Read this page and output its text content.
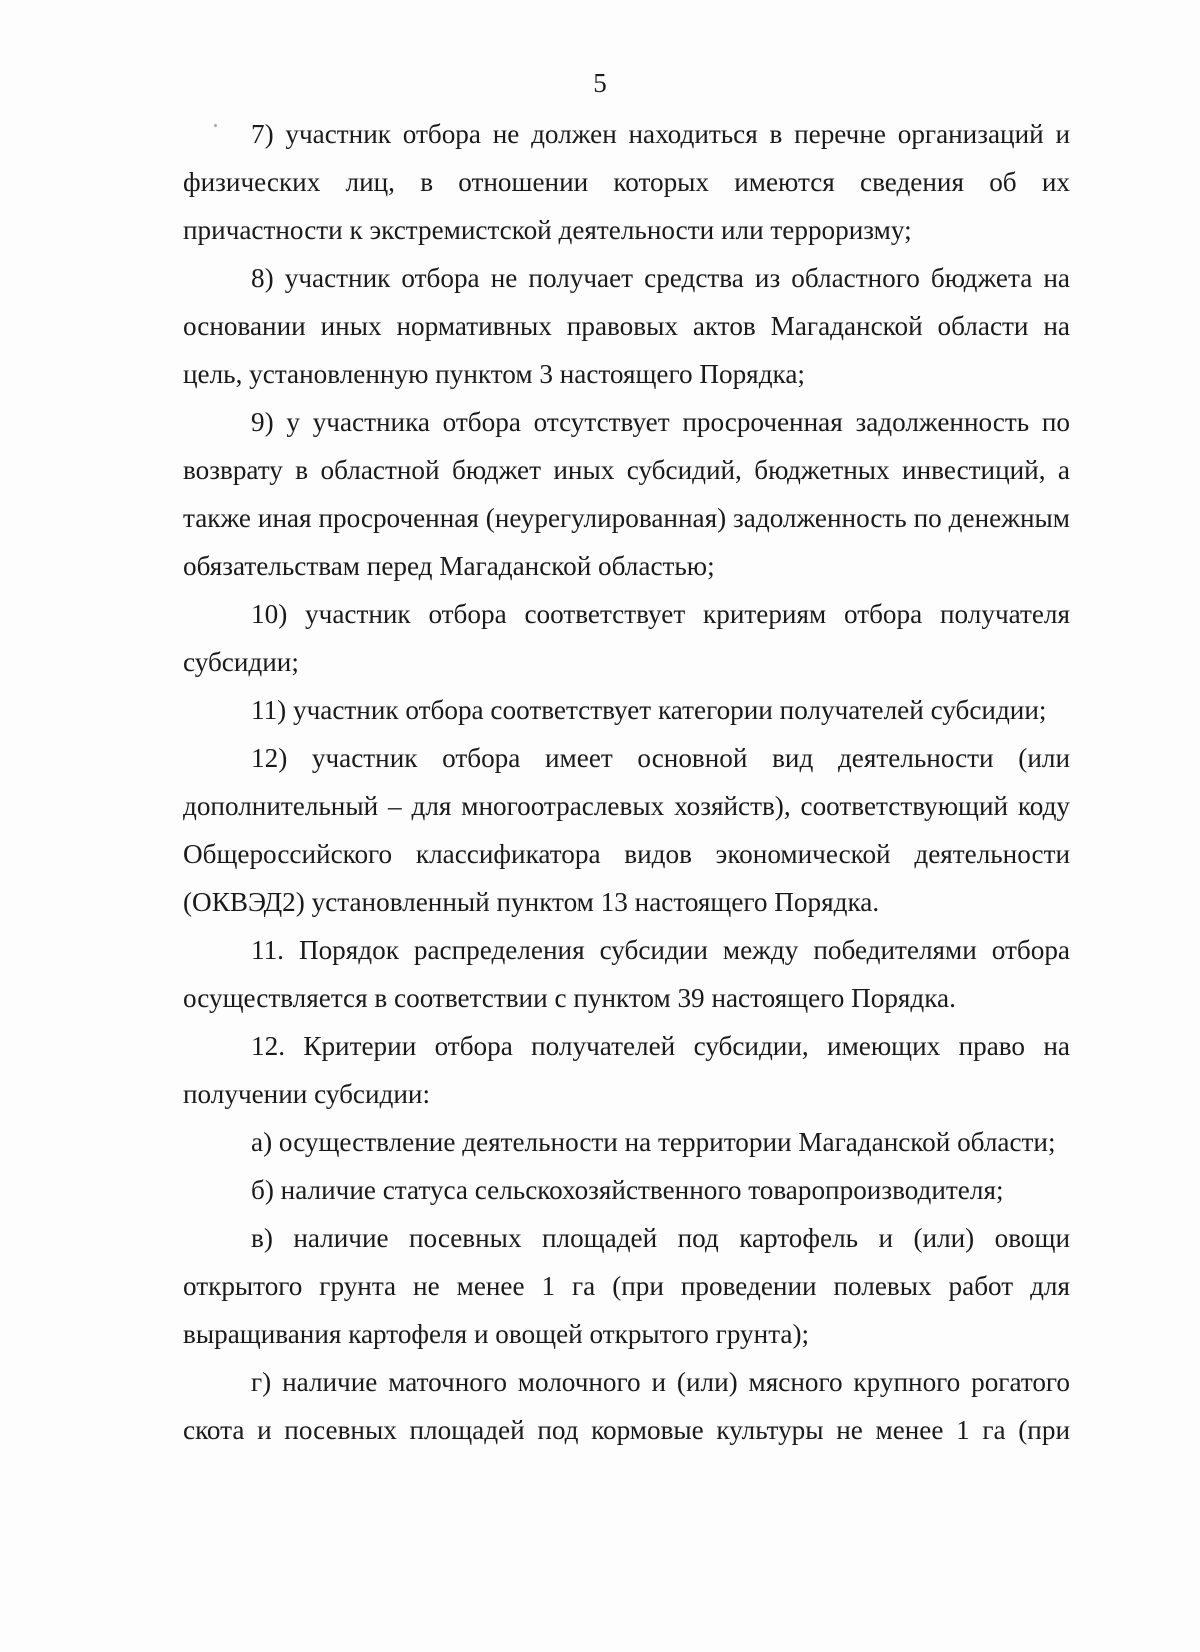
5

7) участник отбора не должен находиться в перечне организаций и физических лиц, в отношении которых имеются сведения об их причастности к экстремистской деятельности или терроризму;

8) участник отбора не получает средства из областного бюджета на основании иных нормативных правовых актов Магаданской области на цель, установленную пунктом 3 настоящего Порядка;

9) у участника отбора отсутствует просроченная задолженность по возврату в областной бюджет иных субсидий, бюджетных инвестиций, а также иная просроченная (неурегулированная) задолженность по денежным обязательствам перед Магаданской областью;

10) участник отбора соответствует критериям отбора получателя субсидии;

11) участник отбора соответствует категории получателей субсидии;

12) участник отбора имеет основной вид деятельности (или дополнительный – для многоотраслевых хозяйств), соответствующий коду Общероссийского классификатора видов экономической деятельности (ОКВЭД2) установленный пунктом 13 настоящего Порядка.

11. Порядок распределения субсидии между победителями отбора осуществляется в соответствии с пунктом 39 настоящего Порядка.

12. Критерии отбора получателей субсидии, имеющих право на получении субсидии:

а) осуществление деятельности на территории Магаданской области;

б) наличие статуса сельскохозяйственного товаропроизводителя;

в) наличие посевных площадей под картофель и (или) овощи открытого грунта не менее 1 га (при проведении полевых работ для выращивания картофеля и овощей открытого грунта);

г) наличие маточного молочного и (или) мясного крупного рогатого скота и посевных площадей под кормовые культуры не менее 1 га (при
